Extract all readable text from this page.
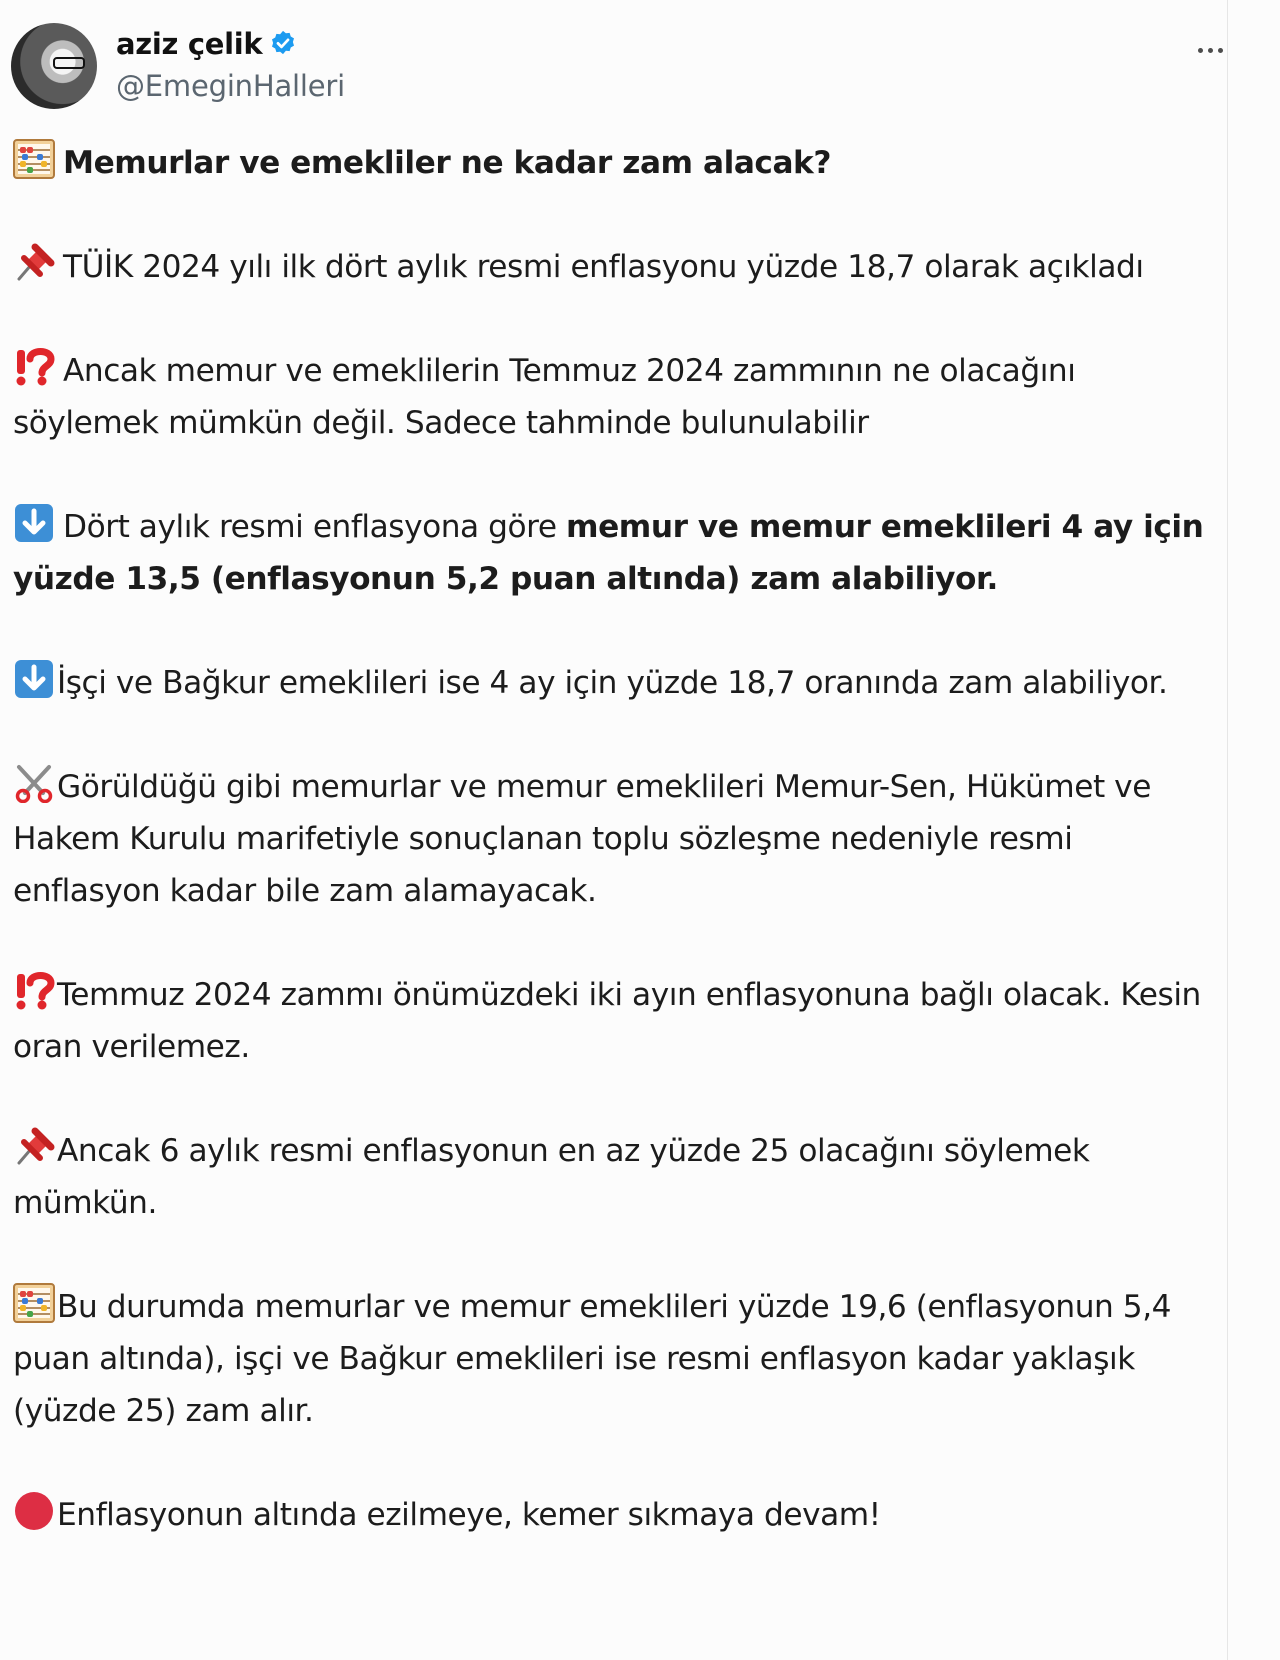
aziz çelik
@EmeginHalleri

Memurlar ve emekliler ne kadar zam alacak?

TÜİK 2024 yılı ilk dört aylık resmi enflasyonu yüzde 18,7 olarak açıkladı

Ancak memur ve emeklilerin Temmuz 2024 zammının ne olacağını söylemek mümkün değil. Sadece tahminde bulunulabilir

Dört aylık resmi enflasyona göre memur ve memur emeklileri 4 ay için yüzde 13,5 (enflasyonun 5,2 puan altında) zam alabiliyor.

İşçi ve Bağkur emeklileri ise 4 ay için yüzde 18,7 oranında zam alabiliyor.

Görüldüğü gibi memurlar ve memur emeklileri Memur-Sen, Hükümet ve Hakem Kurulu marifetiyle sonuçlanan toplu sözleşme nedeniyle resmi enflasyon kadar bile zam alamayacak.

Temmuz 2024 zammı önümüzdeki iki ayın enflasyonuna bağlı olacak. Kesin oran verilemez.

Ancak 6 aylık resmi enflasyonun en az yüzde 25 olacağını söylemek mümkün.

Bu durumda memurlar ve memur emeklileri yüzde 19,6 (enflasyonun 5,4 puan altında), işçi ve Bağkur emeklileri ise resmi enflasyon kadar yaklaşık (yüzde 25) zam alır.

Enflasyonun altında ezilmeye, kemer sıkmaya devam!
